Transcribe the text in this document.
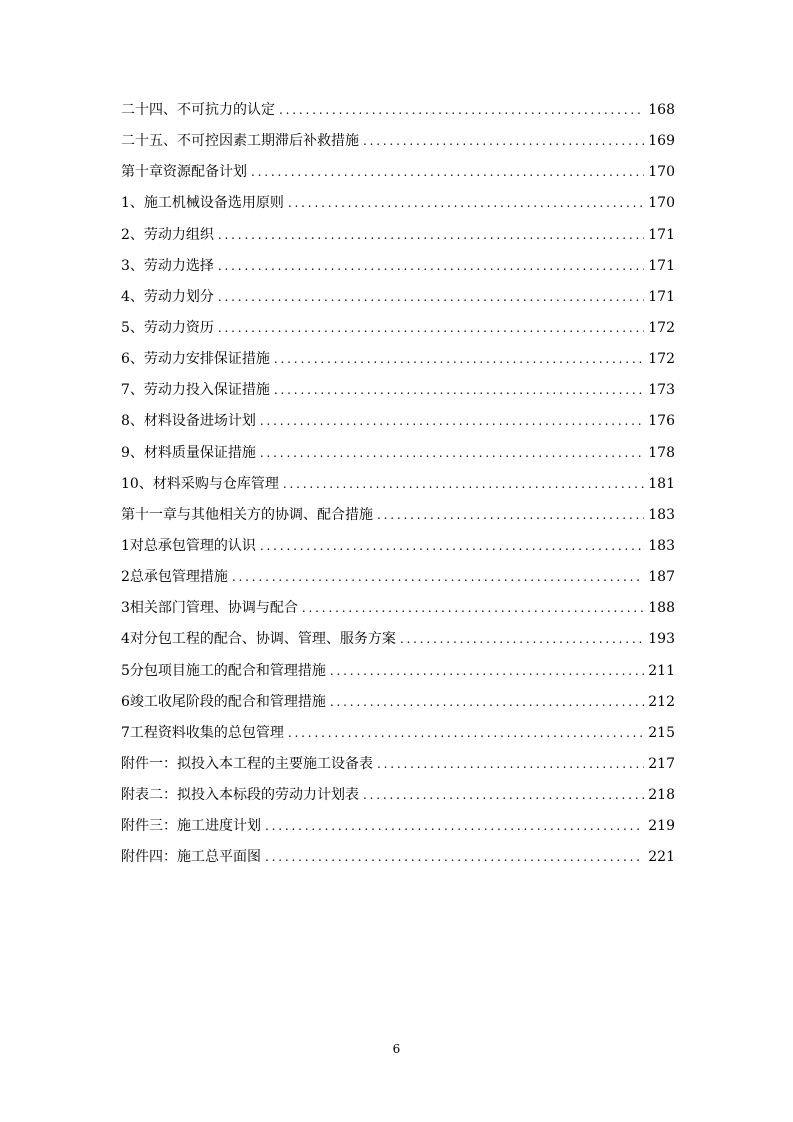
二十四、不可抗力的认定 . . .	168
二十五、不可控因素工期滞后补救措施 . . .	169
第十章资源配备计划 . . .	170
1、施工机械设备选用原则 . . .	170
2、劳动力组织 . . .	171
3、劳动力选择 . . .	171
4、劳动力划分 . . .	171
5、劳动力资历 . . .	172
6、劳动力安排保证措施 . . .	172
7、劳动力投入保证措施 . . .	173
8、材料设备进场计划 . . .	176
9、材料质量保证措施 . . .	178
10、材料采购与仓库管理 . . .	181
第十一章与其他相关方的协调、配合措施 . . .	183
1对总承包管理的认识 . . .	183
2总承包管理措施 . . .	187
3相关部门管理、协调与配合 . . .	188
4对分包工程的配合、协调、管理、服务方案 . . .	193
5分包项目施工的配合和管理措施 . . .	211
6竣工收尾阶段的配合和管理措施 . . .	212
7工程资料收集的总包管理 . . .	215
附件一：拟投入本工程的主要施工设备表 . . .	217
附表二：拟投入本标段的劳动力计划表 . . .	218
附件三：施工进度计划 . . .	219
附件四：施工总平面图 . . .	221
6
